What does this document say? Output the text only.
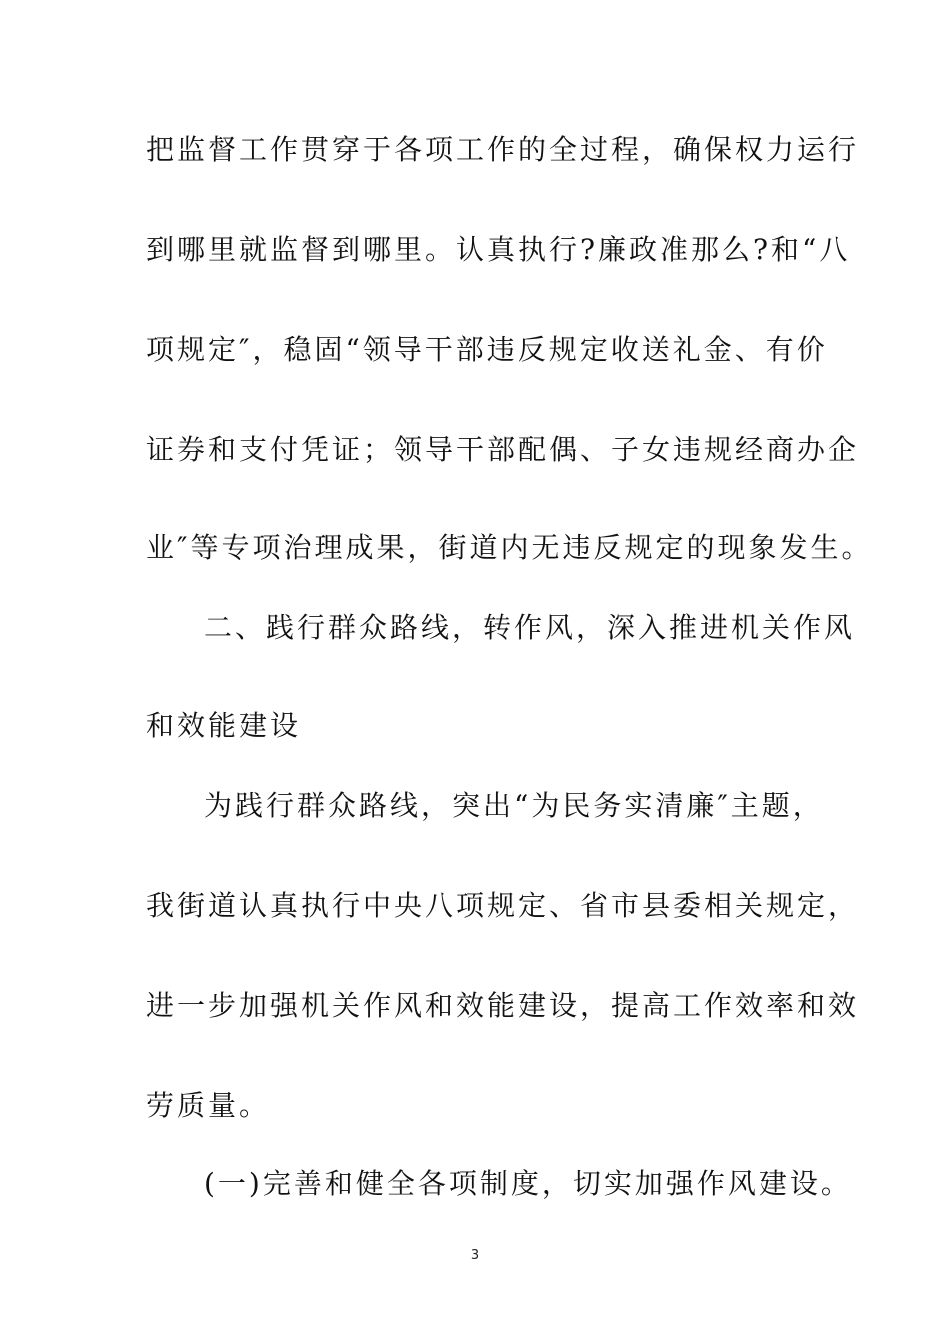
把监督工作贯穿于各项工作的全过程，确保权力运行
到哪里就监督到哪里。认真执行?廉政准那么?和“八
项规定″，稳固“领导干部违反规定收送礼金、有价
证券和支付凭证；领导干部配偶、子女违规经商办企
业″等专项治理成果，街道内无违反规定的现象发生。
二、践行群众路线，转作风，深入推进机关作风
和效能建设
为践行群众路线，突出“为民务实清廉″主题，
我街道认真执行中央八项规定、省市县委相关规定，
进一步加强机关作风和效能建设，提高工作效率和效
劳质量。
(一)完善和健全各项制度，切实加强作风建设。
3
